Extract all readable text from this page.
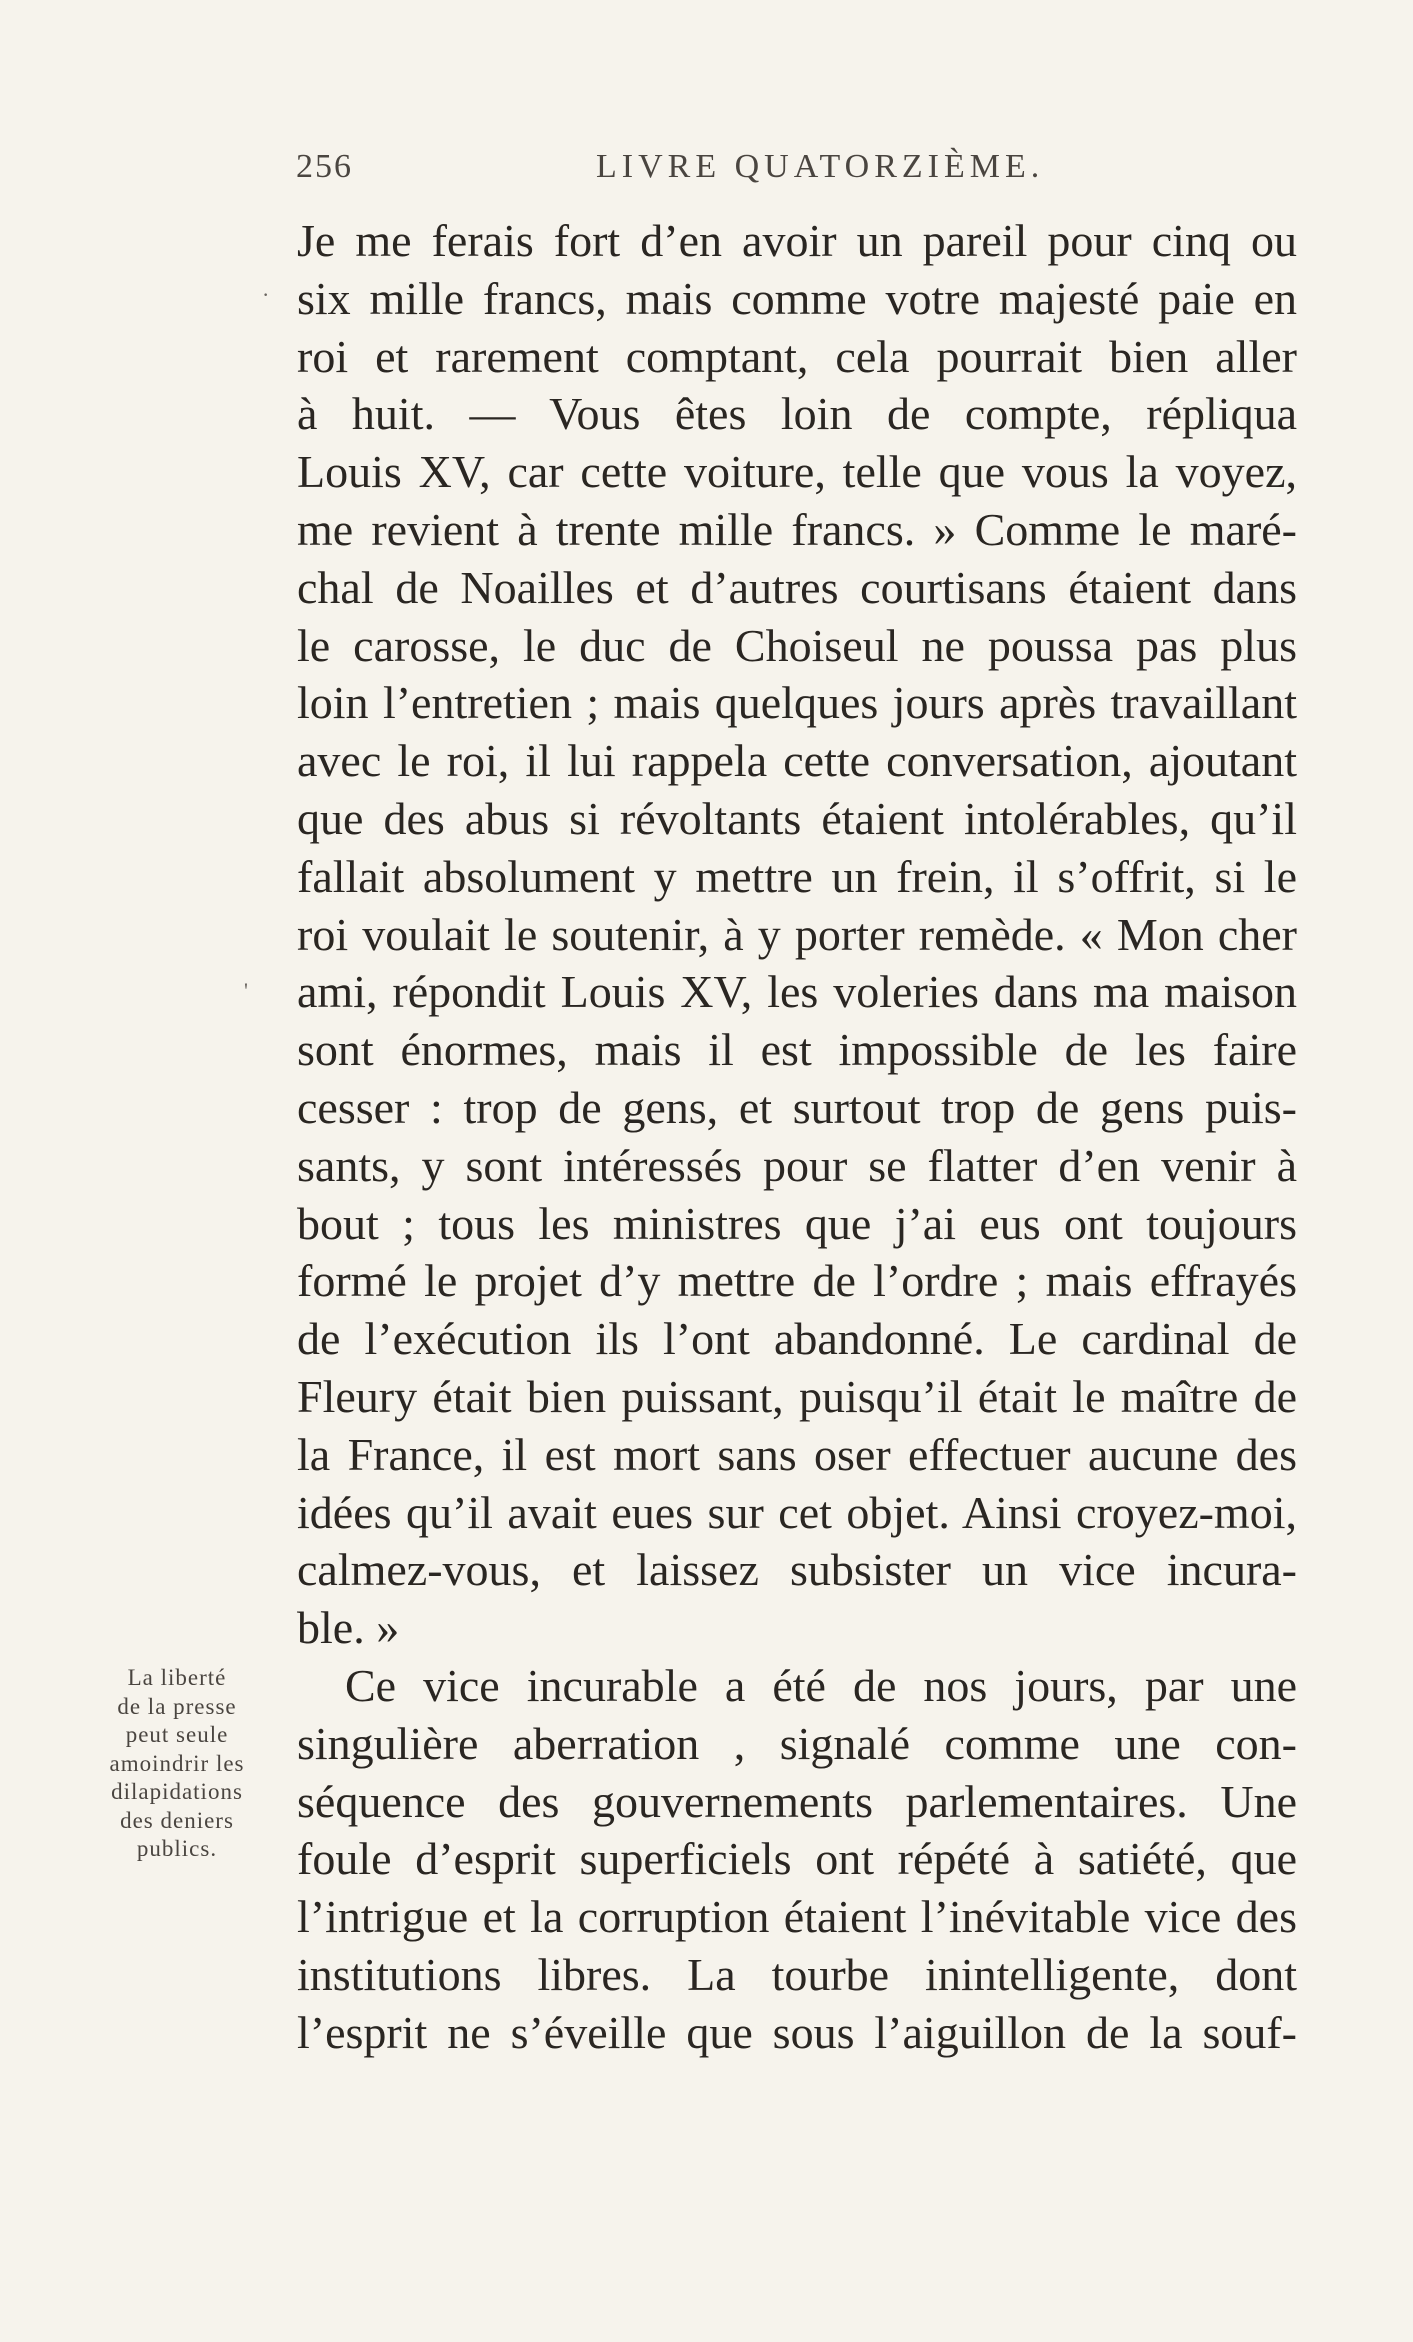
256	LIVRE QUATORZIÈME.
·
'
Je me ferais fort d’en avoir un pareil pour cinq ou
six mille francs, mais comme votre majesté paie en
roi et rarement comptant, cela pourrait bien aller
à huit. — Vous êtes loin de compte, répliqua
Louis XV, car cette voiture, telle que vous la voyez,
me revient à trente mille francs. » Comme le maré-
chal de Noailles et d’autres courtisans étaient dans
le carosse, le duc de Choiseul ne poussa pas plus
loin l’entretien ; mais quelques jours après travaillant
avec le roi, il lui rappela cette conversation, ajoutant
que des abus si révoltants étaient intolérables, qu’il
fallait absolument y mettre un frein, il s’offrit, si le
roi voulait le soutenir, à y porter remède. « Mon cher
ami, répondit Louis XV, les voleries dans ma maison
sont énormes, mais il est impossible de les faire
cesser : trop de gens, et surtout trop de gens puis-
sants, y sont intéressés pour se flatter d’en venir à
bout ; tous les ministres que j’ai eus ont toujours
formé le projet d’y mettre de l’ordre ; mais effrayés
de l’exécution ils l’ont abandonné. Le cardinal de
Fleury était bien puissant, puisqu’il était le maître de
la France, il est mort sans oser effectuer aucune des
idées qu’il avait eues sur cet objet. Ainsi croyez-moi,
calmez-vous, et laissez subsister un vice incura-
ble. »
Ce vice incurable a été de nos jours, par une
singulière aberration , signalé comme une con-
séquence des gouvernements parlementaires. Une
foule d’esprit superficiels ont répété à satiété, que
l’intrigue et la corruption étaient l’inévitable vice des
institutions libres. La tourbe inintelligente, dont
l’esprit ne s’éveille que sous l’aiguillon de la souf-
La liberté
de la presse
peut seule
amoindrir les
dilapidations
des deniers
publics.
